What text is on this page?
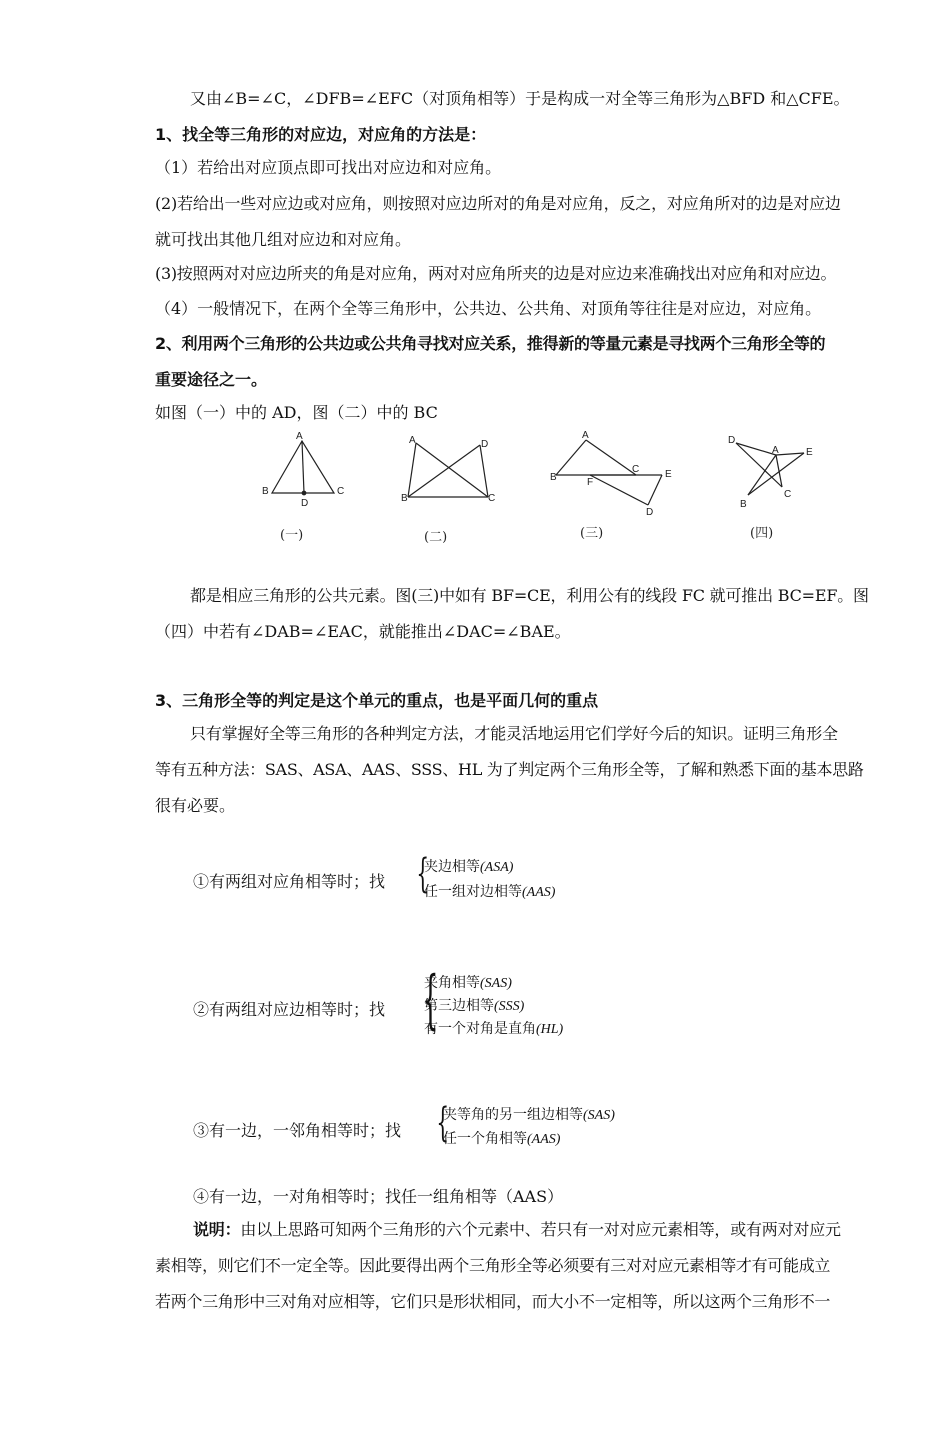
又由∠B=∠C，∠DFB=∠EFC（对顶角相等）于是构成一对全等三角形为△BFD 和△CFE。
1、找全等三角形的对应边，对应角的方法是：
（1）若给出对应顶点即可找出对应边和对应角。
(2)若给出一些对应边或对应角，则按照对应边所对的角是对应角，反之，对应角所对的边是对应边
就可找出其他几组对应边和对应角。
(3)按照两对对应边所夹的角是对应角，两对对应角所夹的边是对应边来准确找出对应角和对应边。
（4）一般情况下，在两个全等三角形中，公共边、公共角、对顶角等往往是对应边，对应角。
2、利用两个三角形的公共边或公共角寻找对应关系，推得新的等量元素是寻找两个三角形全等的
重要途径之一。
如图（一）中的 AD，图（二）中的 BC
A
B	C
D
(一)
A	D
B	C
(二)
A
B
C	E
F
D
(三)
D
A	E
B
C
(四)
都是相应三角形的公共元素。图(三)中如有 BF=CE，利用公有的线段 FC 就可推出 BC=EF。图
（四）中若有∠DAB=∠EAC，就能推出∠DAC=∠BAE。
3、三角形全等的判定是这个单元的重点，也是平面几何的重点
只有掌握好全等三角形的各种判定方法，才能灵活地运用它们学好今后的知识。证明三角形全
等有五种方法：SAS、ASA、AAS、SSS、HL 为了判定两个三角形全等，了解和熟悉下面的基本思路
很有必要。
①有两组对应角相等时；找 {
夹边相等(ASA)
任一组对边相等(AAS)
②有两组对应边相等时；找 {
夹角相等(SAS)
第三边相等(SSS)
有一个对角是直角(HL)
③有一边，一邻角相等时；找 {
夹等角的另一组边相等(SAS)
任一个角相等(AAS)
④有一边，一对角相等时；找任一组角相等（AAS）
说明：由以上思路可知两个三角形的六个元素中、若只有一对对应元素相等，或有两对对应元
素相等，则它们不一定全等。因此要得出两个三角形全等必须要有三对对应元素相等才有可能成立
若两个三角形中三对角对应相等，它们只是形状相同，而大小不一定相等，所以这两个三角形不一
